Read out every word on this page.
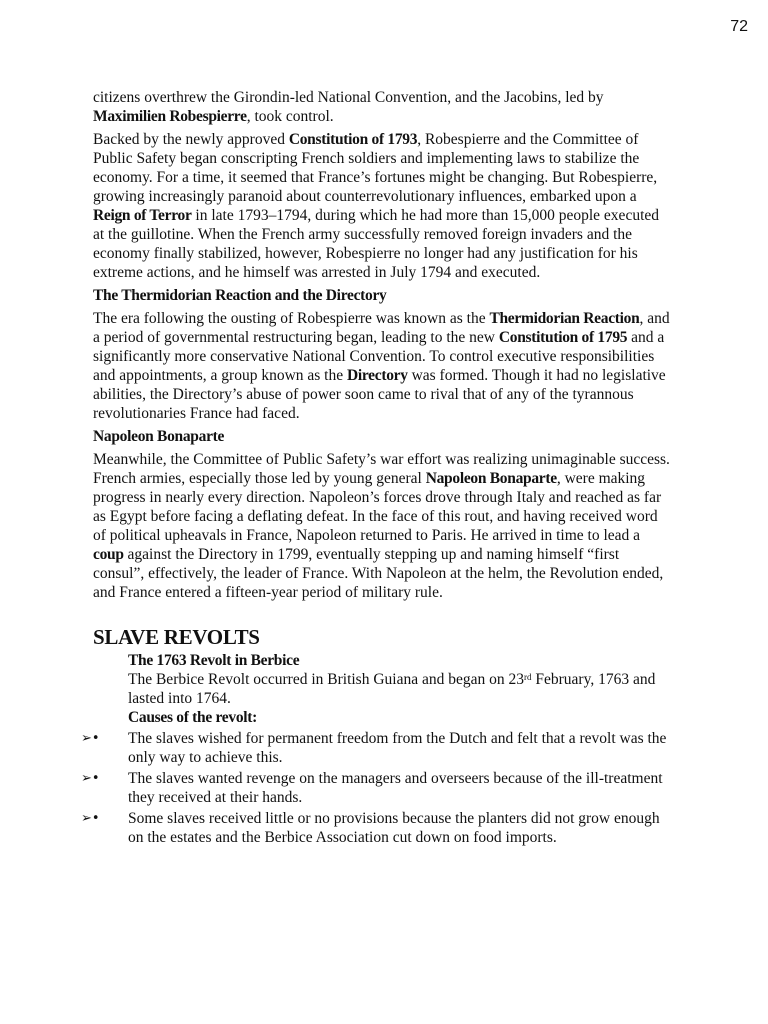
72

citizens overthrew the Girondin-led National Convention, and the Jacobins, led by Maximilien Robespierre, took control.

Backed by the newly approved Constitution of 1793, Robespierre and the Committee of Public Safety began conscripting French soldiers and implementing laws to stabilize the economy. For a time, it seemed that France’s fortunes might be changing. But Robespierre, growing increasingly paranoid about counterrevolutionary influences, embarked upon a Reign of Terror in late 1793–1794, during which he had more than 15,000 people executed at the guillotine. When the French army successfully removed foreign invaders and the economy finally stabilized, however, Robespierre no longer had any justification for his extreme actions, and he himself was arrested in July 1794 and executed.

The Thermidorian Reaction and the Directory

The era following the ousting of Robespierre was known as the Thermidorian Reaction, and a period of governmental restructuring began, leading to the new Constitution of 1795 and a significantly more conservative National Convention. To control executive responsibilities and appointments, a group known as the Directory was formed. Though it had no legislative abilities, the Directory’s abuse of power soon came to rival that of any of the tyrannous revolutionaries France had faced.

Napoleon Bonaparte

Meanwhile, the Committee of Public Safety’s war effort was realizing unimaginable success. French armies, especially those led by young general Napoleon Bonaparte, were making progress in nearly every direction. Napoleon’s forces drove through Italy and reached as far as Egypt before facing a deflating defeat. In the face of this rout, and having received word of political upheavals in France, Napoleon returned to Paris. He arrived in time to lead a coup against the Directory in 1799, eventually stepping up and naming himself “first consul”, effectively, the leader of France. With Napoleon at the helm, the Revolution ended, and France entered a fifteen-year period of military rule.

SLAVE REVOLTS

The 1763 Revolt in Berbice

The Berbice Revolt occurred in British Guiana and began on 23rd February, 1763 and lasted into 1764.

Causes of the revolt:

➢• The slaves wished for permanent freedom from the Dutch and felt that a revolt was the only way to achieve this.
➢• The slaves wanted revenge on the managers and overseers because of the ill-treatment they received at their hands.
➢• Some slaves received little or no provisions because the planters did not grow enough on the estates and the Berbice Association cut down on food imports.
